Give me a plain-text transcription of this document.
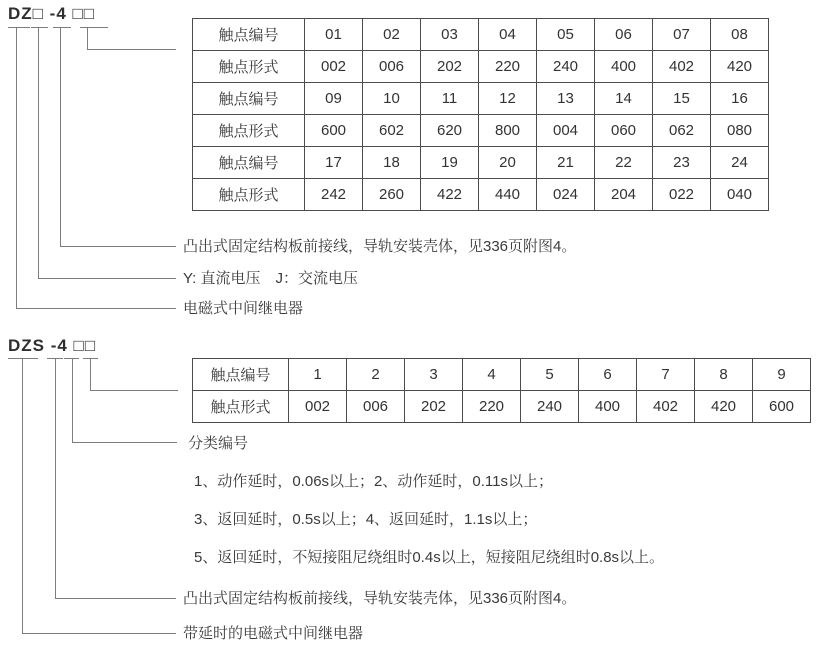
DZ□ -4 □□
触点编号	01	02	03	04	05	06	07	08
触点形式	002	006	202	220	240	400	402	420
触点编号	09	10	11	12	13	14	15	16
触点形式	600	602	620	800	004	060	062	080
触点编号	17	18	19	20	21	22	23	24
触点形式	242	260	422	440	024	204	022	040
凸出式固定结构板前接线，导轨安装壳体，见336页附图4。
Y: 直流电压　J：交流电压
电磁式中间继电器
DZS -4 □□
触点编号	1	2	3	4	5	6	7	8	9
触点形式	002	006	202	220	240	400	402	420	600
分类编号
1、动作延时，0.06s以上；2、动作延时，0.11s以上；
3、返回延时，0.5s以上；4、返回延时，1.1s以上；
5、返回延时，不短接阻尼绕组时0.4s以上，短接阻尼绕组时0.8s以上。
凸出式固定结构板前接线，导轨安装壳体，见336页附图4。
带延时的电磁式中间继电器
